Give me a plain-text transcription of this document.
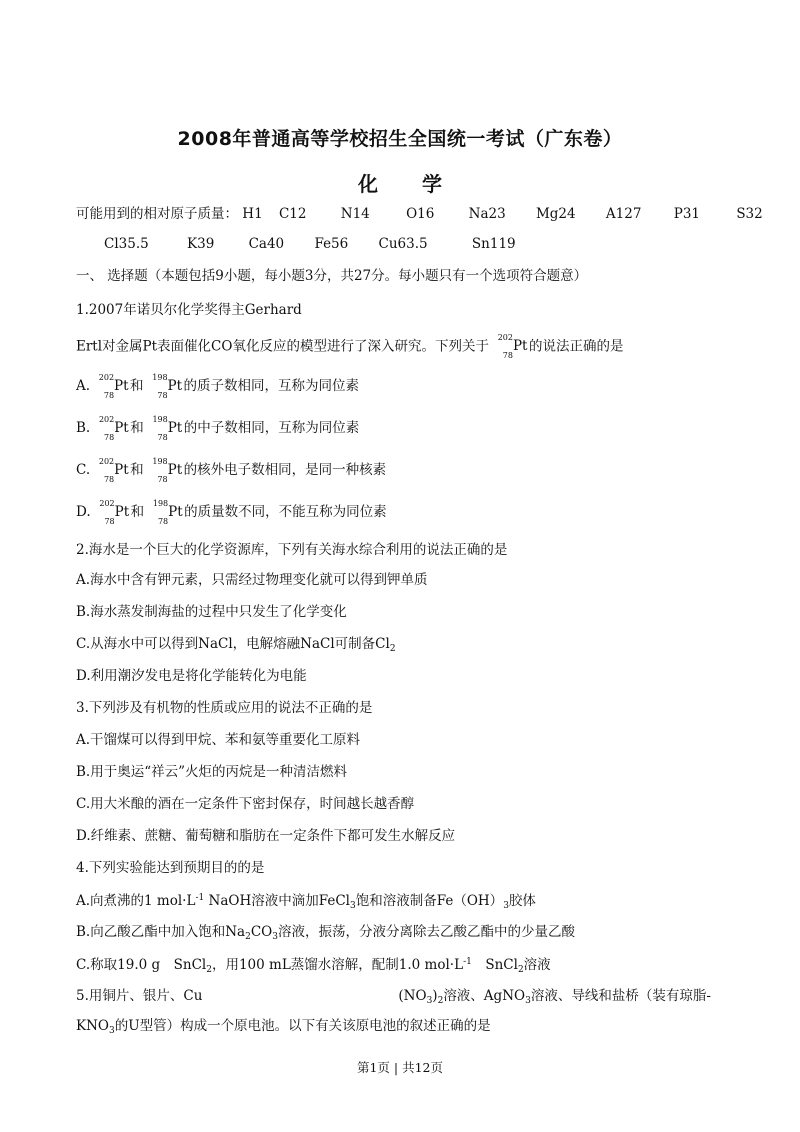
2008年普通高等学校招生全国统一考试（广东卷）
化 学
可能用到的相对原子质量： H1 C12	N14	O16	Na23 Mg24 A127 P31	S32
Cl35.5	K39	Ca40 Fe56 Cu63.5	Sn119
一、 选择题（本题包括9小题，每小题3分，共27分。每小题只有一个选项符合题意）
1.2007年诺贝尔化学奖得主Gerhard
Ertl对金属Pt表面催化CO氧化反应的模型进行了深入研究。下列关于
202
78
Pt 的说法正确的是
A.
202
78
Pt 和
198
78
Pt 的质子数相同，互称为同位素
B.
202
78
Pt 和
198
78
Pt 的中子数相同，互称为同位素
C.
202
78
Pt 和
198
78
Pt 的核外电子数相同，是同一种核素
D.
202
78
Pt 和
198
78
Pt 的质量数不同，不能互称为同位素
2.海水是一个巨大的化学资源库，下列有关海水综合利用的说法正确的是
A.海水中含有钾元素，只需经过物理变化就可以得到钾单质
B.海水蒸发制海盐的过程中只发生了化学变化
C.从海水中可以得到NaCl，电解熔融NaCl可制备$Cl_2$
D.利用潮汐发电是将化学能转化为电能
3.下列涉及有机物的性质或应用的说法不正确的是
A.干馏煤可以得到甲烷、苯和氨等重要化工原料
B.用于奥运“祥云”火炬的丙烷是一种清洁燃料
C.用大米酿的酒在一定条件下密封保存，时间越长越香醇
D.纤维素、蔗糖、葡萄糖和脂肪在一定条件下都可发生水解反应
4.下列实验能达到预期目的的是
A.向煮沸的1 $mol\cdot L^{-1}$ NaOH溶液中滴加FeCl$_3$饱和溶液制备$Fe(OH)_3$胶体
B.向乙酸乙酯中加入饱和$Na_2CO_3$溶液，振荡，分液分离除去乙酸乙酯中的少量乙酸
C.称取19.0 g　SnCl$_2$，用100 mL蒸馏水溶解，配制1.0 $mol\cdot L^{-1}$　SnCl$_2$溶液
5.用铜片、银片、Cu	$(NO_3)_2$溶液、AgNO$_3$溶液、导线和盐桥（装有琼脂-
$KNO_3$的U型管）构成一个原电池。以下有关该原电池的叙述正确的是
第1页 | 共12页
